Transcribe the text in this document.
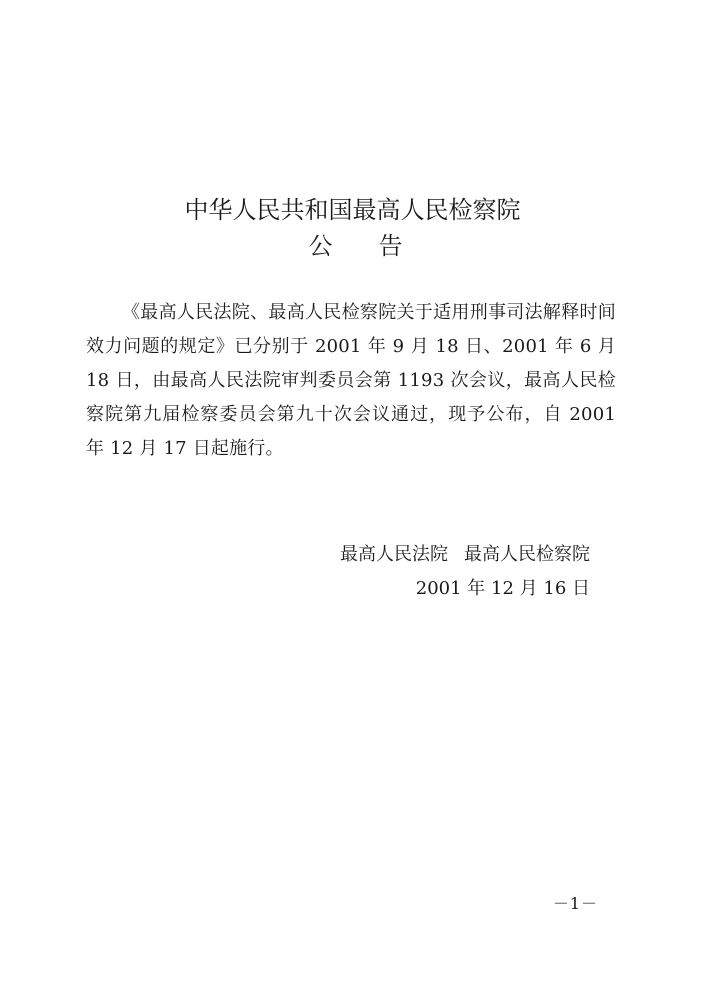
中华人民共和国最高人民检察院
公 告
《最高人民法院、最高人民检察院关于适用刑事司法解释时间效力问题的规定》已分别于 2001 年 9 月 18 日、2001 年 6 月 18 日，由最高人民法院审判委员会第 1193 次会议，最高人民检察院第九届检察委员会第九十次会议通过，现予公布，自 2001 年 12 月 17 日起施行。
最高人民法院 最高人民检察院
2001 年 12 月 16 日
－1－
